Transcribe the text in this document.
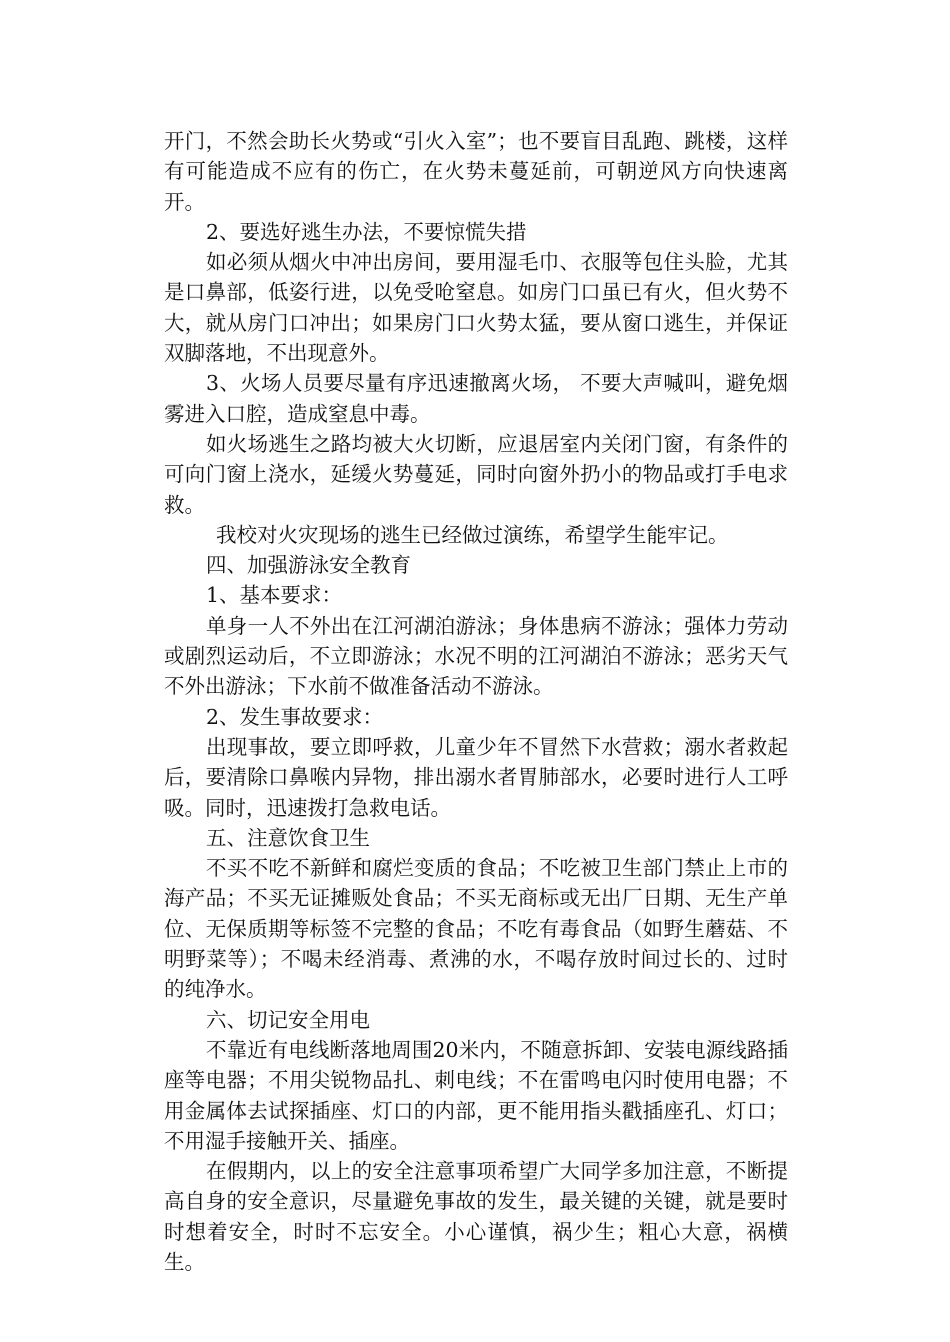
开门，不然会助长火势或“引火入室”；也不要盲目乱跑、跳楼，这样有可能造成不应有的伤亡，在火势未蔓延前，可朝逆风方向快速离开。

2、要选好逃生办法，不要惊慌失措

如必须从烟火中冲出房间，要用湿毛巾、衣服等包住头脸，尤其是口鼻部，低姿行进，以免受呛窒息。如房门口虽已有火，但火势不大，就从房门口冲出；如果房门口火势太猛，要从窗口逃生，并保证双脚落地，不出现意外。

3、火场人员要尽量有序迅速撤离火场， 不要大声喊叫，避免烟雾进入口腔，造成窒息中毒。

如火场逃生之路均被大火切断，应退居室内关闭门窗，有条件的可向门窗上浇水，延缓火势蔓延，同时向窗外扔小的物品或打手电求救。

我校对火灾现场的逃生已经做过演练，希望学生能牢记。

四、加强游泳安全教育

1、基本要求：

单身一人不外出在江河湖泊游泳；身体患病不游泳；强体力劳动或剧烈运动后，不立即游泳；水况不明的江河湖泊不游泳；恶劣天气不外出游泳；下水前不做准备活动不游泳。

2、发生事故要求：

出现事故，要立即呼救，儿童少年不冒然下水营救；溺水者救起后，要清除口鼻喉内异物，排出溺水者胃肺部水，必要时进行人工呼吸。同时，迅速拨打急救电话。

五、注意饮食卫生

不买不吃不新鲜和腐烂变质的食品；不吃被卫生部门禁止上市的海产品；不买无证摊贩处食品；不买无商标或无出厂日期、无生产单位、无保质期等标签不完整的食品；不吃有毒食品（如野生蘑菇、不明野菜等）；不喝未经消毒、煮沸的水，不喝存放时间过长的、过时的纯净水。

六、切记安全用电

不靠近有电线断落地周围20米内，不随意拆卸、安装电源线路插座等电器；不用尖锐物品扎、刺电线；不在雷鸣电闪时使用电器；不用金属体去试探插座、灯口的内部，更不能用指头戳插座孔、灯口；不用湿手接触开关、插座。

在假期内，以上的安全注意事项希望广大同学多加注意，不断提高自身的安全意识，尽量避免事故的发生，最关键的关键，就是要时时想着安全，时时不忘安全。小心谨慎，祸少生；粗心大意，祸横生。
